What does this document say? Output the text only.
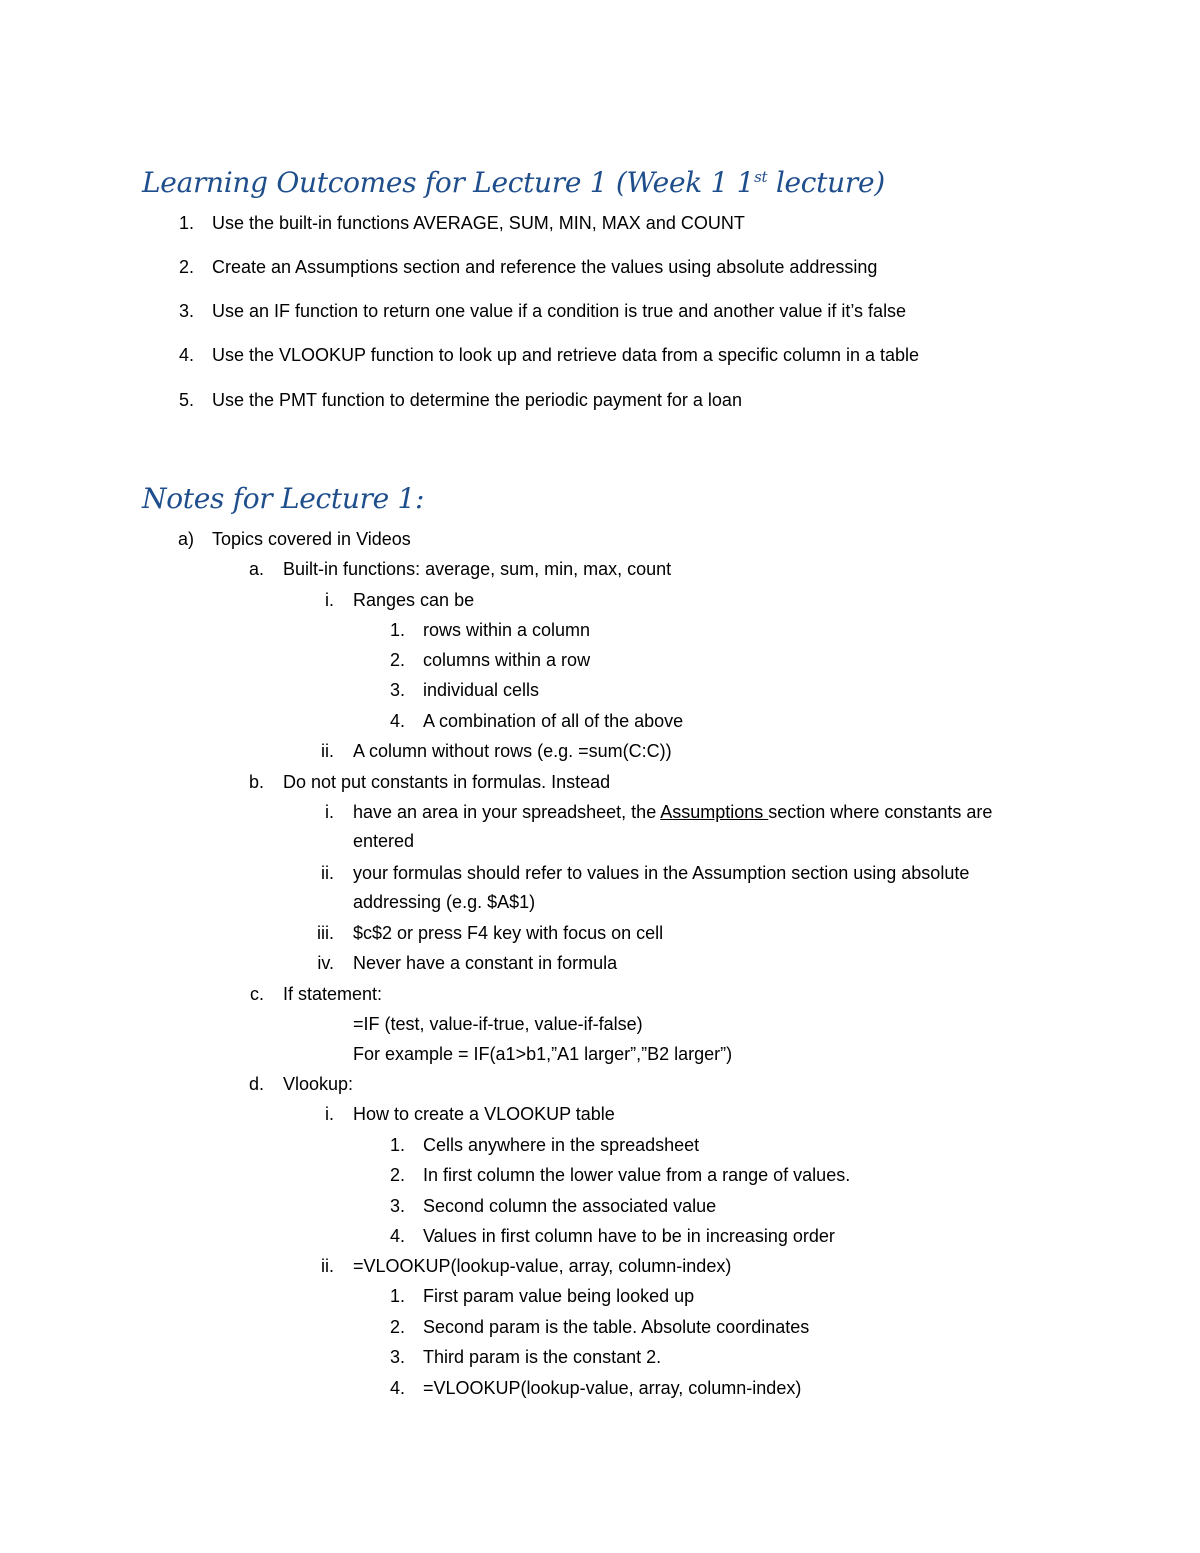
Learning Outcomes for Lecture 1 (Week 1 1st lecture)
1. Use the built-in functions AVERAGE, SUM, MIN, MAX and COUNT
2. Create an Assumptions section and reference the values using absolute addressing
3. Use an IF function to return one value if a condition is true and another value if it’s false
4. Use the VLOOKUP function to look up and retrieve data from a specific column in a table
5. Use the PMT function to determine the periodic payment for a loan
Notes for Lecture 1:
a) Topics covered in Videos
a. Built-in functions: average, sum, min, max, count
i. Ranges can be
1. rows within a column
2. columns within a row
3. individual cells
4. A combination of all of the above
ii. A column without rows (e.g. =sum(C:C))
b. Do not put constants in formulas. Instead
i. have an area in your spreadsheet, the Assumptions section where constants are
entered
ii. your formulas should refer to values in the Assumption section using absolute
addressing (e.g. $A$1)
iii. $c$2 or press F4 key with focus on cell
iv. Never have a constant in formula
c. If statement:
=IF (test, value-if-true, value-if-false)
For example = IF(a1>b1,”A1 larger”,”B2 larger”)
d. Vlookup:
i. How to create a VLOOKUP table
1. Cells anywhere in the spreadsheet
2. In first column the lower value from a range of values.
3. Second column the associated value
4. Values in first column have to be in increasing order
ii. =VLOOKUP(lookup-value, array, column-index)
1. First param value being looked up
2. Second param is the table. Absolute coordinates
3. Third param is the constant 2.
4. =VLOOKUP(lookup-value, array, column-index)
